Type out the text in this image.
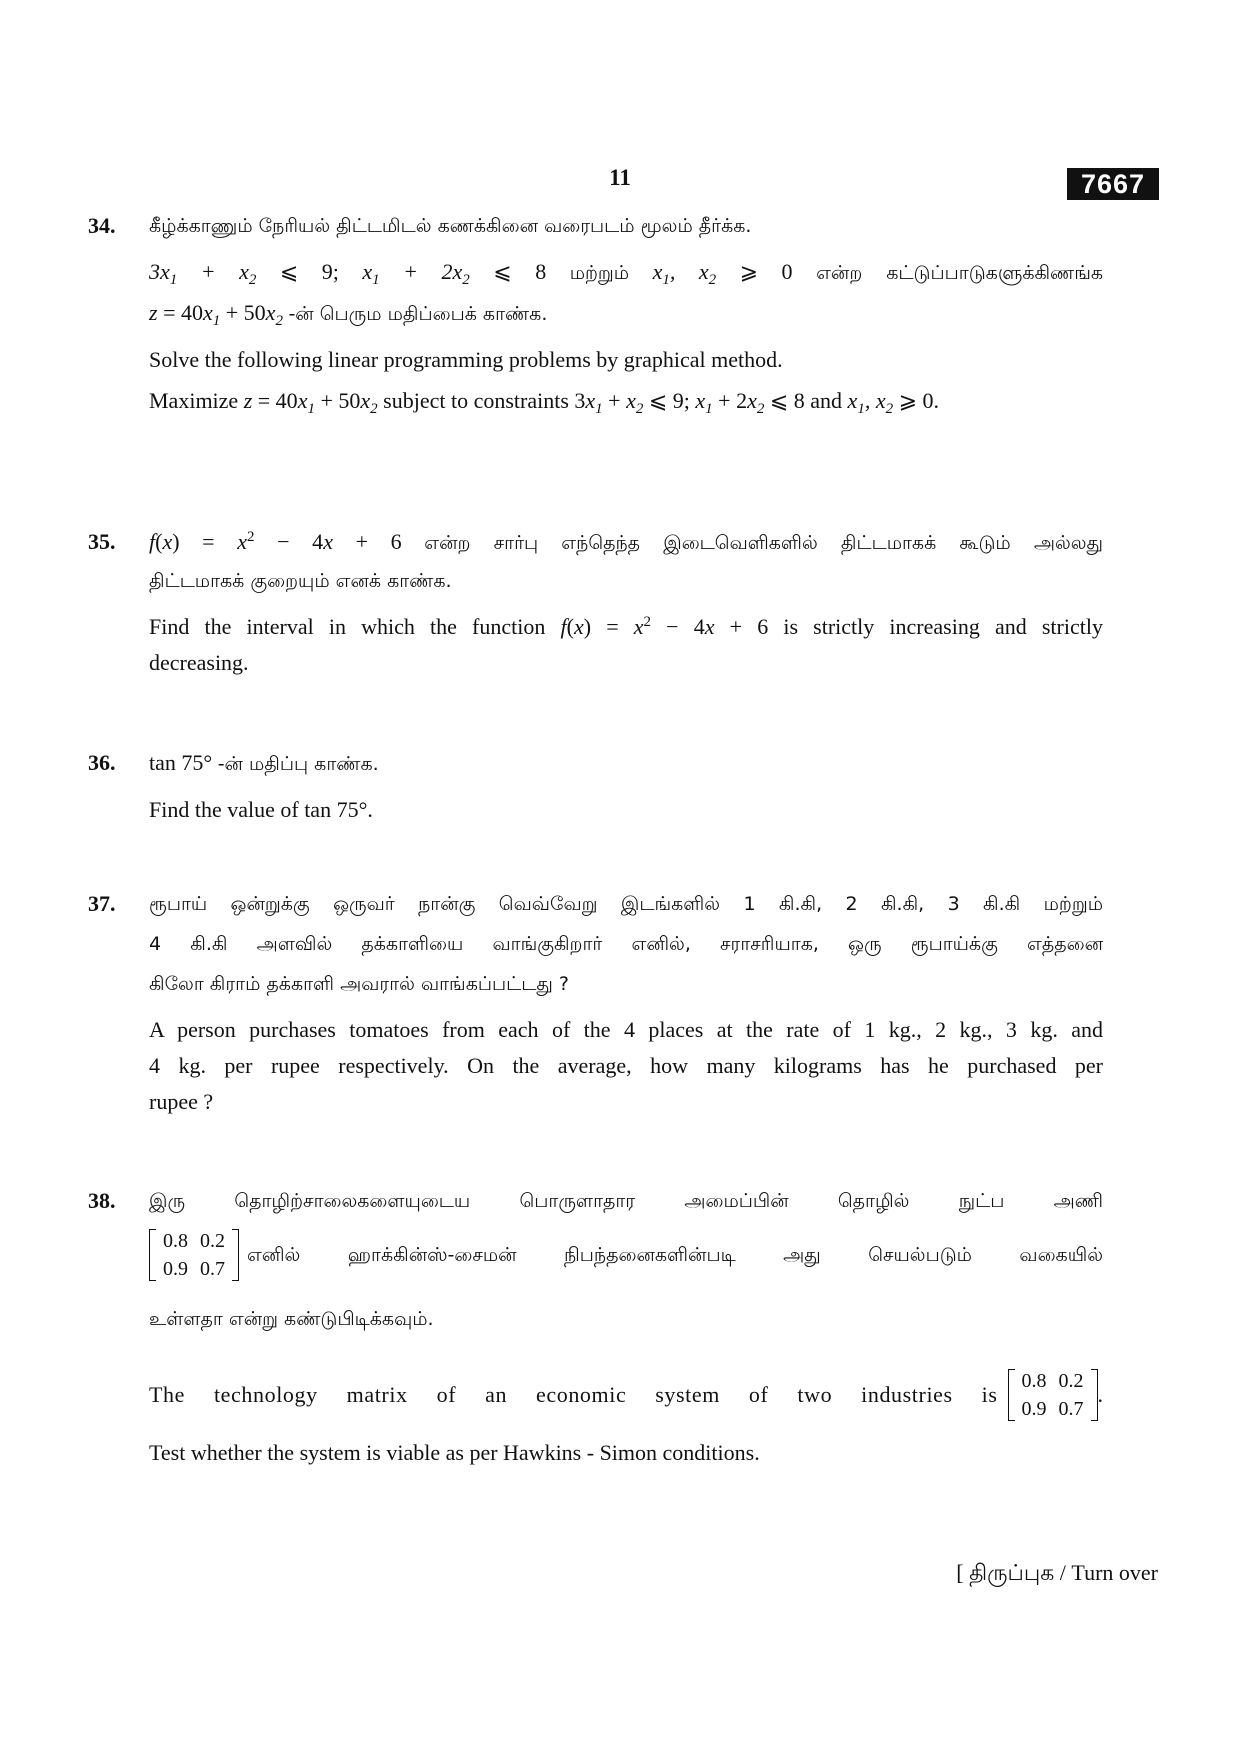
11	7667
34. கீழ்க்காணும் நேரியல் திட்டமிடல் கணக்கினை வரைபடம் மூலம் தீர்க்க.
$3x_1 + x_2$ ⩽ 9; $x_1 + 2x_2$ ⩽ 8 மற்றும் $x_1$, $x_2$ ⩾ 0 என்ற கட்டுப்பாடுகளுக்கிணங்க
$z = 40x_1 + 50x_2$ -ன் பெரும மதிப்பைக் காண்க.
Solve the following linear programming problems by graphical method.
Maximize $z = 40x_1 + 50x_2$ subject to constraints $3x_1 + x_2$ ⩽ 9; $x_1 + 2x_2$ ⩽ 8 and $x_1$, $x_2$ ⩾ 0.
35. $f(x) = x^2 - 4x + 6$ என்ற சார்பு எந்தெந்த இடைவெளிகளில் திட்டமாகக் கூடும் அல்லது
திட்டமாகக் குறையும் எனக் காண்க.
Find the interval in which the function $f(x) = x^2 - 4x + 6$ is strictly increasing and strictly
decreasing.
36. tan 75° -ன் மதிப்பு காண்க.
Find the value of tan 75°.
37. ரூபாய் ஒன்றுக்கு ஒருவர் நான்கு வெவ்வேறு இடங்களில் 1 கி.கி, 2 கி.கி, 3 கி.கி மற்றும்
4 கி.கி அளவில் தக்காளியை வாங்குகிறார் எனில், சராசரியாக, ஒரு ரூபாய்க்கு எத்தனை
கிலோ கிராம் தக்காளி அவரால் வாங்கப்பட்டது ?
A person purchases tomatoes from each of the 4 places at the rate of 1 kg., 2 kg., 3 kg. and
4 kg. per rupee respectively. On the average, how many kilograms has he purchased per
rupee ?
38. இரு தொழிற்சாலைகளையுடைய பொருளாதார அமைப்பின் தொழில் நுட்ப அணி
0.8	0.2
0.9	0.7
எனில் ஹாக்கின்ஸ்-சைமன் நிபந்தனைகளின்படி அது செயல்படும் வகையில்
உள்ளதா என்று கண்டுபிடிக்கவும்.
The technology matrix of an economic system of two industries is
0.8	0.2
0.9	0.7
.
Test whether the system is viable as per Hawkins - Simon conditions.
[ திருப்புக / Turn over
